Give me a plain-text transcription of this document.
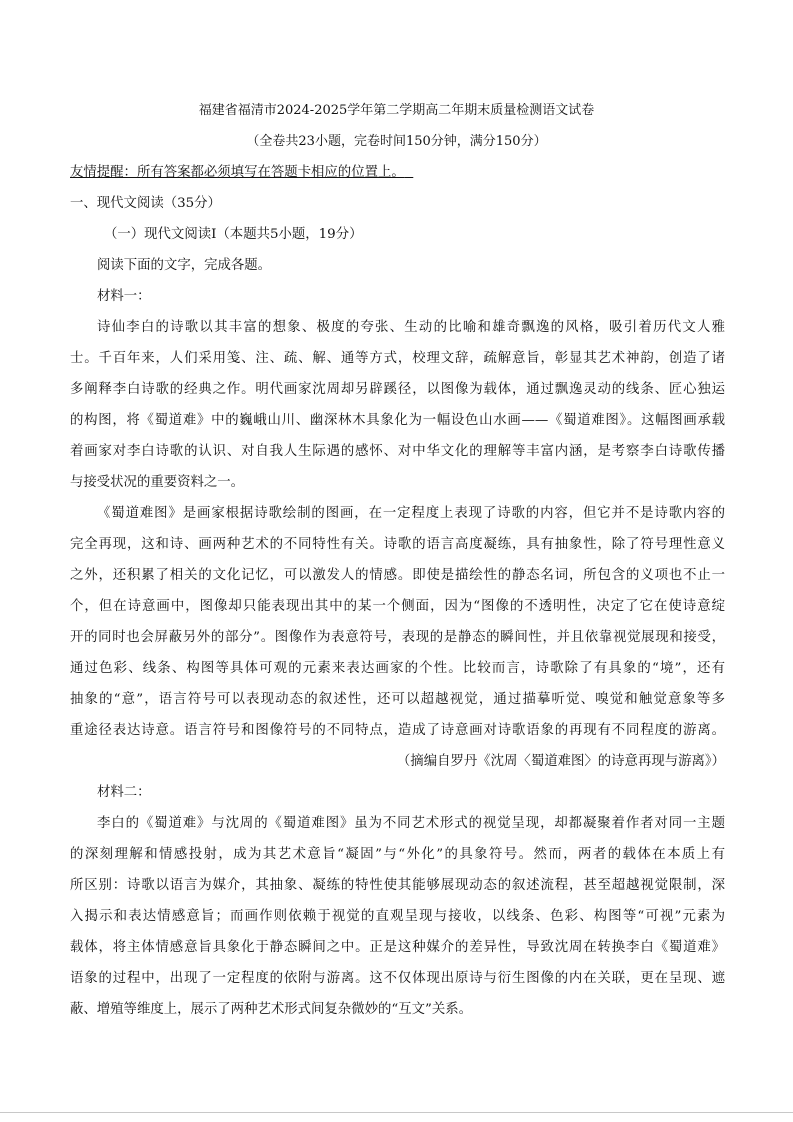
福建省福清市2024-2025学年第二学期高二年期末质量检测语文试卷
（全卷共23小题，完卷时间150分钟，满分150分）
友情提醒：所有答案都必须填写在答题卡相应的位置上。
一、现代文阅读（35分）
（一）现代文阅读Ⅰ（本题共5小题，19分）
阅读下面的文字，完成各题。
材料一：
诗仙李白的诗歌以其丰富的想象、极度的夸张、生动的比喻和雄奇飘逸的风格，吸引着历代文人雅
士。千百年来，人们采用笺、注、疏、解、通等方式，校理文辞，疏解意旨，彰显其艺术神韵，创造了诸
多阐释李白诗歌的经典之作。明代画家沈周却另辟蹊径，以图像为载体，通过飘逸灵动的线条、匠心独运
的构图，将《蜀道难》中的巍峨山川、幽深林木具象化为一幅设色山水画——《蜀道难图》。这幅图画承载
着画家对李白诗歌的认识、对自我人生际遇的感怀、对中华文化的理解等丰富内涵，是考察李白诗歌传播
与接受状况的重要资料之一。
《蜀道难图》是画家根据诗歌绘制的图画，在一定程度上表现了诗歌的内容，但它并不是诗歌内容的
完全再现，这和诗、画两种艺术的不同特性有关。诗歌的语言高度凝练，具有抽象性，除了符号理性意义
之外，还积累了相关的文化记忆，可以激发人的情感。即使是描绘性的静态名词，所包含的义项也不止一
个，但在诗意画中，图像却只能表现出其中的某一个侧面，因为“图像的不透明性，决定了它在使诗意绽
开的同时也会屏蔽另外的部分”。图像作为表意符号，表现的是静态的瞬间性，并且依靠视觉展现和接受，
通过色彩、线条、构图等具体可观的元素来表达画家的个性。比较而言，诗歌除了有具象的“境”，还有
抽象的“意”，语言符号可以表现动态的叙述性，还可以超越视觉，通过描摹听觉、嗅觉和触觉意象等多
重途径表达诗意。语言符号和图像符号的不同特点，造成了诗意画对诗歌语象的再现有不同程度的游离。
（摘编自罗丹《沈周〈蜀道难图〉的诗意再现与游离》）
材料二：
李白的《蜀道难》与沈周的《蜀道难图》虽为不同艺术形式的视觉呈现，却都凝聚着作者对同一主题
的深刻理解和情感投射，成为其艺术意旨“凝固”与“外化”的具象符号。然而，两者的载体在本质上有
所区别：诗歌以语言为媒介，其抽象、凝练的特性使其能够展现动态的叙述流程，甚至超越视觉限制，深
入揭示和表达情感意旨；而画作则依赖于视觉的直观呈现与接收，以线条、色彩、构图等“可视”元素为
载体，将主体情感意旨具象化于静态瞬间之中。正是这种媒介的差异性，导致沈周在转换李白《蜀道难》
语象的过程中，出现了一定程度的依附与游离。这不仅体现出原诗与衍生图像的内在关联，更在呈现、遮
蔽、增殖等维度上，展示了两种艺术形式间复杂微妙的“互文”关系。
